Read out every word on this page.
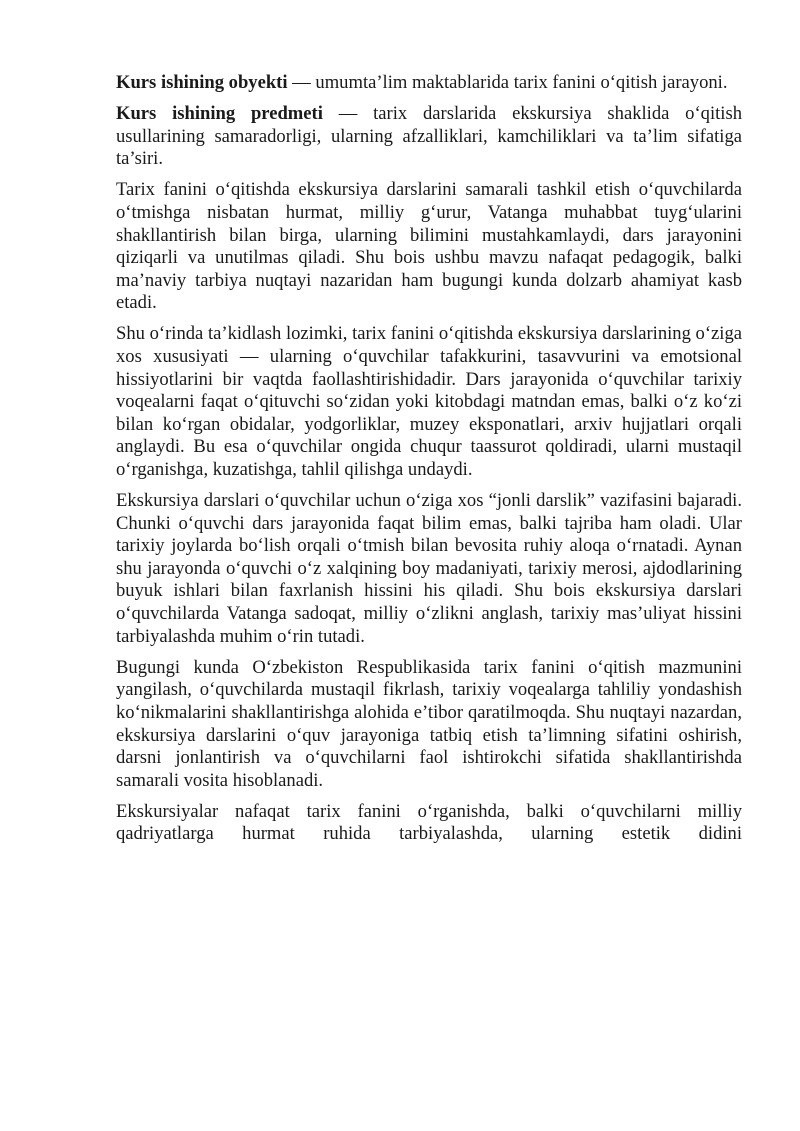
Kurs ishining obyekti — umumta’lim maktablarida tarix fanini o‘qitish jarayoni.

Kurs ishining predmeti — tarix darslarida ekskursiya shaklida o‘qitish usullarining samaradorligi, ularning afzalliklari, kamchiliklari va ta’lim sifatiga ta’siri.

Tarix fanini o‘qitishda ekskursiya darslarini samarali tashkil etish o‘quvchilarda o‘tmishga nisbatan hurmat, milliy g‘urur, Vatanga muhabbat tuyg‘ularini shakllantirish bilan birga, ularning bilimini mustahkamlaydi, dars jarayonini qiziqarli va unutilmas qiladi. Shu bois ushbu mavzu nafaqat pedagogik, balki ma’naviy tarbiya nuqtayi nazaridan ham bugungi kunda dolzarb ahamiyat kasb etadi.

Shu o‘rinda ta’kidlash lozimki, tarix fanini o‘qitishda ekskursiya darslarining o‘ziga xos xususiyati — ularning o‘quvchilar tafakkurini, tasavvurini va emotsional hissiyotlarini bir vaqtda faollashtirishidadir. Dars jarayonida o‘quvchilar tarixiy voqealarni faqat o‘qituvchi so‘zidan yoki kitobdagi matndan emas, balki o‘z ko‘zi bilan ko‘rgan obidalar, yodgorliklar, muzey eksponatlari, arxiv hujjatlari orqali anglaydi. Bu esa o‘quvchilar ongida chuqur taassurot qoldiradi, ularni mustaqil o‘rganishga, kuzatishga, tahlil qilishga undaydi.

Ekskursiya darslari o‘quvchilar uchun o‘ziga xos “jonli darslik” vazifasini bajaradi. Chunki o‘quvchi dars jarayonida faqat bilim emas, balki tajriba ham oladi. Ular tarixiy joylarda bo‘lish orqali o‘tmish bilan bevosita ruhiy aloqa o‘rnatadi. Aynan shu jarayonda o‘quvchi o‘z xalqining boy madaniyati, tarixiy merosi, ajdodlarining buyuk ishlari bilan faxrlanish hissini his qiladi. Shu bois ekskursiya darslari o‘quvchilarda Vatanga sadoqat, milliy o‘zlikni anglash, tarixiy mas’uliyat hissini tarbiyalashda muhim o‘rin tutadi.

Bugungi kunda O‘zbekiston Respublikasida tarix fanini o‘qitish mazmunini yangilash, o‘quvchilarda mustaqil fikrlash, tarixiy voqealarga tahliliy yondashish ko‘nikmalarini shakllantirishga alohida e’tibor qaratilmoqda. Shu nuqtayi nazardan, ekskursiya darslarini o‘quv jarayoniga tatbiq etish ta’limning sifatini oshirish, darsni jonlantirish va o‘quvchilarni faol ishtirokchi sifatida shakllantirishda samarali vosita hisoblanadi.

Ekskursiyalar nafaqat tarix fanini o‘rganishda, balki o‘quvchilarni milliy qadriyatlarga hurmat ruhida tarbiyalashda, ularning estetik didini
